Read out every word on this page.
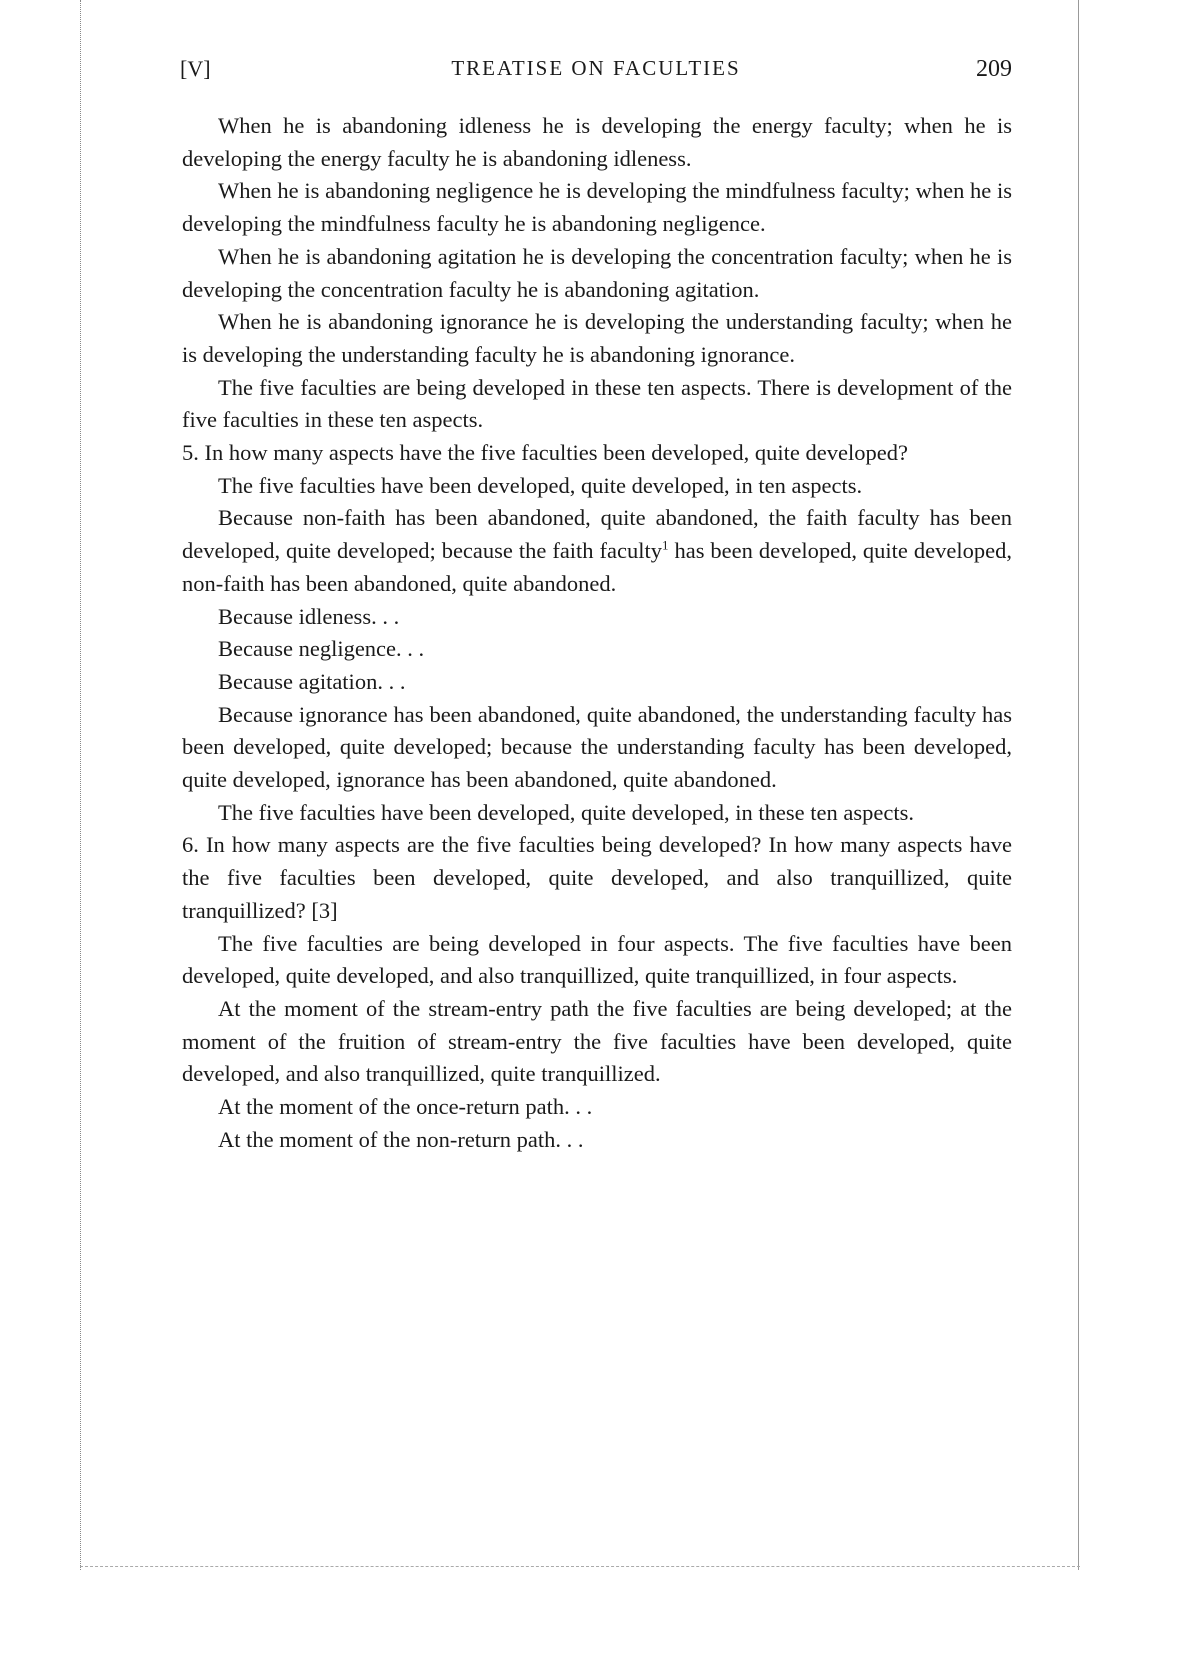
[V]	TREATISE ON FACULTIES	209

When he is abandoning idleness he is developing the energy faculty; when he is developing the energy faculty he is abandoning idleness.

When he is abandoning negligence he is developing the mindfulness faculty; when he is developing the mindfulness faculty he is abandoning negligence.

When he is abandoning agitation he is developing the concentration faculty; when he is developing the concentration faculty he is abandoning agitation.

When he is abandoning ignorance he is developing the understanding faculty; when he is developing the understanding faculty he is abandoning ignorance.

The five faculties are being developed in these ten aspects. There is development of the five faculties in these ten aspects.

5. In how many aspects have the five faculties been developed, quite developed?

The five faculties have been developed, quite developed, in ten aspects.

Because non-faith has been abandoned, quite abandoned, the faith faculty has been developed, quite developed; because the faith faculty$^1$ has been developed, quite developed, non-faith has been abandoned, quite abandoned.

Because idleness. . .

Because negligence. . .

Because agitation. . .

Because ignorance has been abandoned, quite abandoned, the understanding faculty has been developed, quite developed; because the understanding faculty has been developed, quite developed, ignorance has been abandoned, quite abandoned.

The five faculties have been developed, quite developed, in these ten aspects.

6. In how many aspects are the five faculties being developed? In how many aspects have the five faculties been developed, quite developed, and also tranquillized, quite tranquillized? [3]

The five faculties are being developed in four aspects. The five faculties have been developed, quite developed, and also tranquillized, quite tranquillized, in four aspects.

At the moment of the stream-entry path the five faculties are being developed; at the moment of the fruition of stream-entry the five faculties have been developed, quite developed, and also tranquillized, quite tranquillized.

At the moment of the once-return path. . .

At the moment of the non-return path. . .
